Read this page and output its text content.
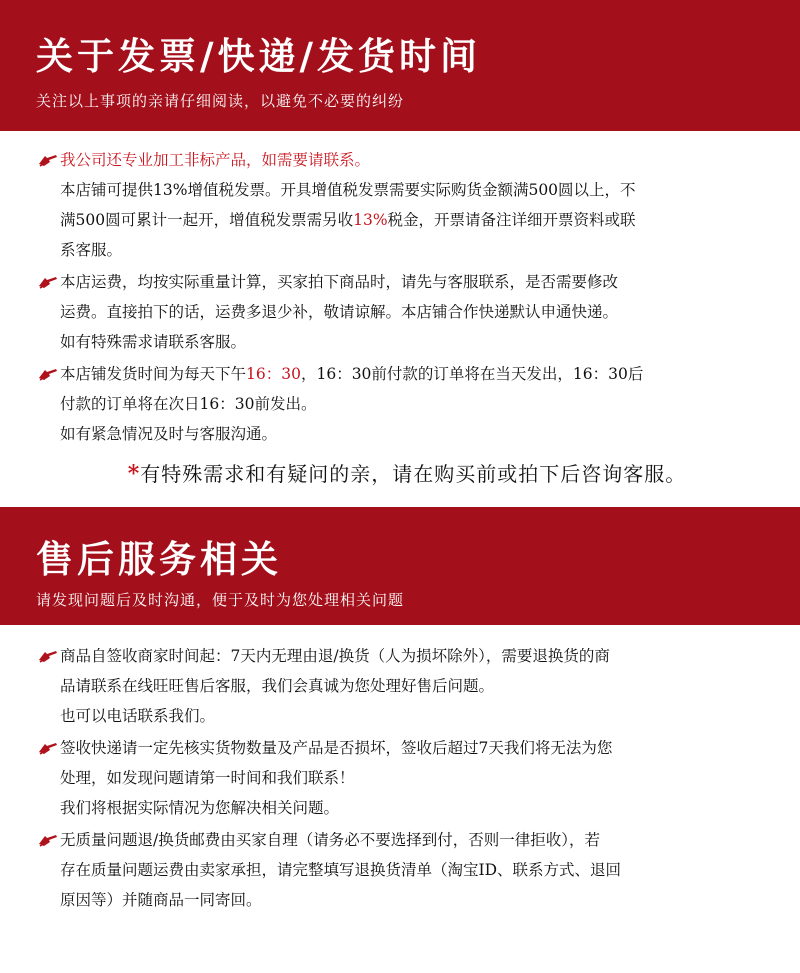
关于发票/快递/发货时间
关注以上事项的亲请仔细阅读，以避免不必要的纠纷
我公司还专业加工非标产品，如需要请联系。
本店铺可提供13%增值税发票。开具增值税发票需要实际购货金额满500圆以上，不
满500圆可累计一起开，增值税发票需另收13%税金，开票请备注详细开票资料或联
系客服。
本店运费，均按实际重量计算，买家拍下商品时，请先与客服联系，是否需要修改
运费。直接拍下的话，运费多退少补，敬请谅解。本店铺合作快递默认申通快递。
如有特殊需求请联系客服。
本店铺发货时间为每天下午16：30，16：30前付款的订单将在当天发出，16：30后
付款的订单将在次日16：30前发出。
如有紧急情况及时与客服沟通。
*有特殊需求和有疑问的亲，请在购买前或拍下后咨询客服。
售后服务相关
请发现问题后及时沟通，便于及时为您处理相关问题
商品自签收商家时间起：7天内无理由退/换货（人为损坏除外），需要退换货的商
品请联系在线旺旺售后客服，我们会真诚为您处理好售后问题。
也可以电话联系我们。
签收快递请一定先核实货物数量及产品是否损坏，签收后超过7天我们将无法为您
处理，如发现问题请第一时间和我们联系！
我们将根据实际情况为您解决相关问题。
无质量问题退/换货邮费由买家自理（请务必不要选择到付，否则一律拒收），若
存在质量问题运费由卖家承担，请完整填写退换货清单（淘宝ID、联系方式、退回
原因等）并随商品一同寄回。
